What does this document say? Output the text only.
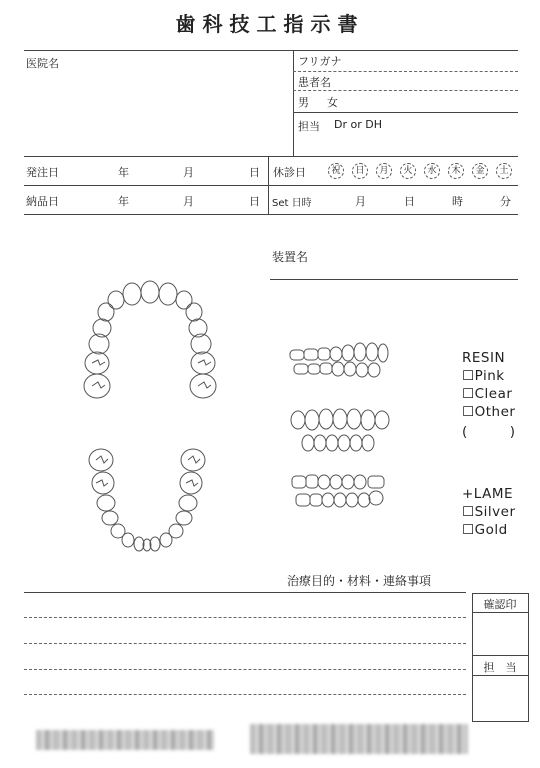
歯科技工指示書
医院名	フリガナ
患者名
男 女
担当 Dr or DH
発注日	年	月	日 休診日	祝	日	月	火	水	木	金	土
納品日	年	月	日 Set 日時	月	日	時	分
装置名
RESIN
☐Pink
☐Clear
☐Other
(　　　)
+LAME
☐Silver
☐Gold
治療目的・材料・連絡事項
確認印
担　当
